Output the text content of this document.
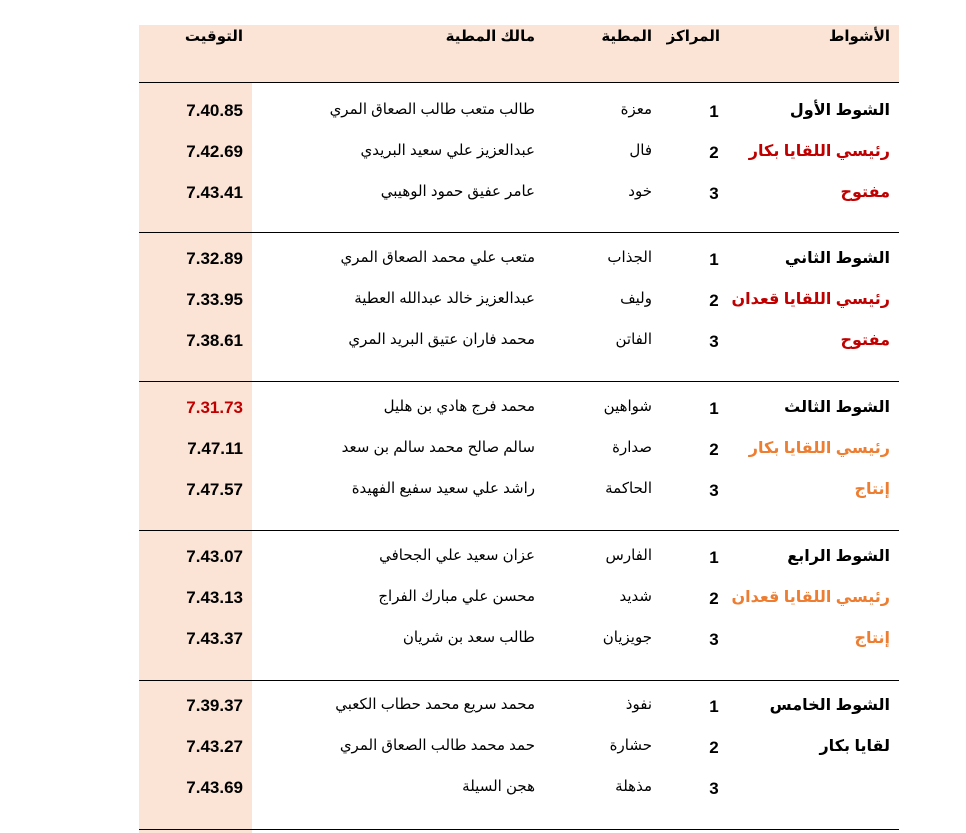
الأشواط
المراكز
المطية
مالك المطية
التوقيت
الشوط الأول
رئيسي اللقايا بكار
مفتوح
1
معزة
طالب متعب طالب الصعاق المري
7.40.85
2
فال
عبدالعزيز علي سعيد البريدي
7.42.69
3
خود
عامر عفيق حمود الوهيبي
7.43.41
الشوط الثاني
رئيسي اللقايا قعدان
مفتوح
1
الجذاب
متعب علي محمد الصعاق المري
7.32.89
2
وليف
عبدالعزيز خالد عبدالله العطية
7.33.95
3
الفاتن
محمد فاران عتيق البريد المري
7.38.61
الشوط الثالث
رئيسي اللقايا بكار
إنتاج
1
شواهين
محمد فرج هادي بن هليل
7.31.73
2
صدارة
سالم صالح محمد سالم بن سعد
7.47.11
3
الحاكمة
راشد علي سعيد سفيع الفهيدة
7.47.57
الشوط الرابع
رئيسي اللقايا قعدان
إنتاج
1
الفارس
عزان سعيد علي الجحافي
7.43.07
2
شديد
محسن علي مبارك الفراج
7.43.13
3
جويزيان
طالب سعد بن شريان
7.43.37
الشوط الخامس
لقايا بكار
1
نفوذ
محمد سريع محمد حطاب الكعبي
7.39.37
2
حشارة
حمد محمد طالب الصعاق المري
7.43.27
3
مذهلة
هجن السيلة
7.43.69
